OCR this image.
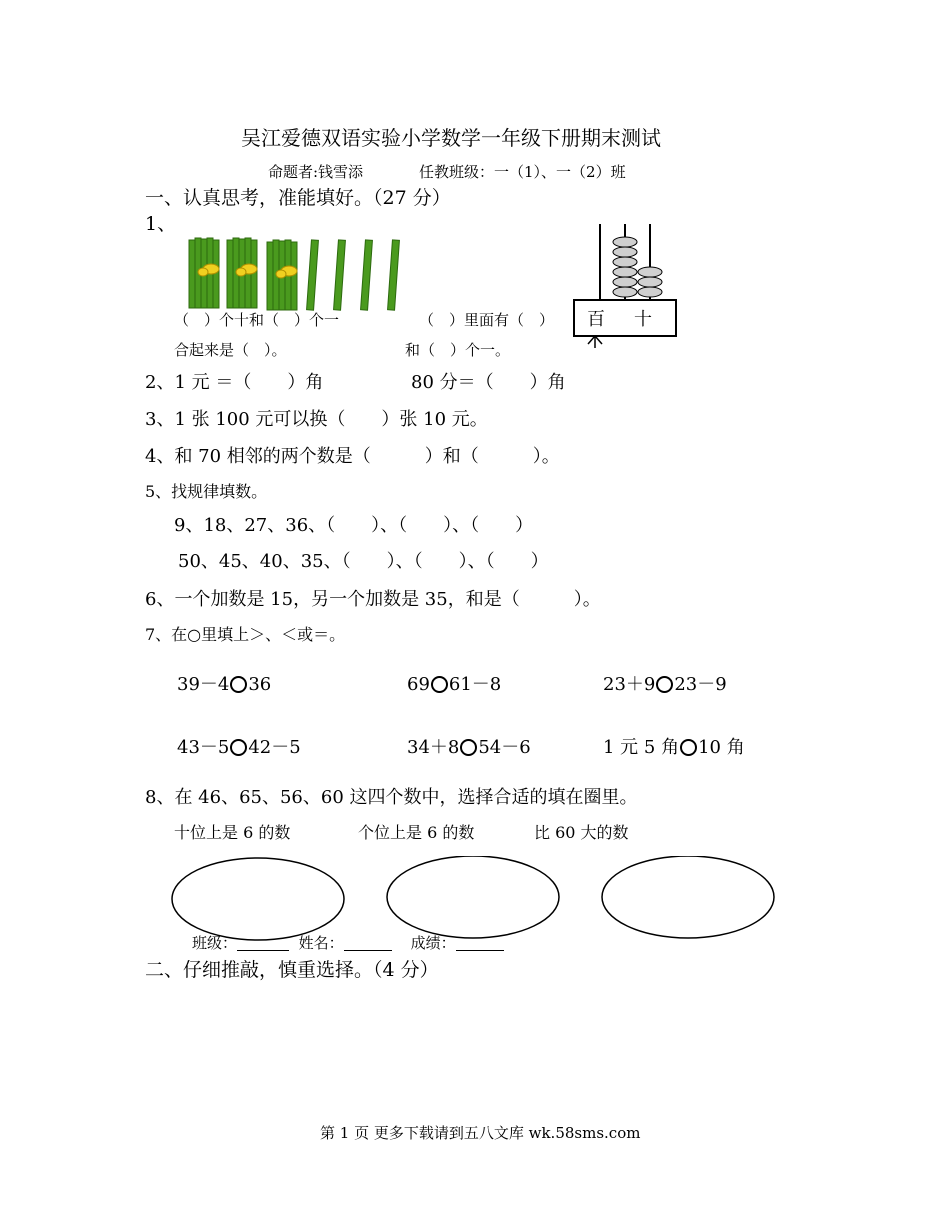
吴江爱德双语实验小学数学一年级下册期末测试
命题者:钱雪添	任教班级：一（1）、一（2）班
一、认真思考，准能填好。（27 分）
1、
（　）个十和（　）个一
合起来是（　）。
百 十
（　）里面有（　）
和（　）个一。
2、1 元 ＝（　　）角	80 分＝（　　）角
3、1 张 100 元可以换（　　）张 10 元。
4、和 70 相邻的两个数是（　　　）和（　　　）。
5、找规律填数。
9、18、27、36、（　　）、（　　）、（　　）
50、45、40、35、（　　）、（　　）、（　　）
6、一个加数是 15，另一个加数是 35，和是（　　　）。
7、在○里填上＞、＜或＝。
39－4 36	69 61－8	23＋9 23－9
43－5 42－5	34＋8 54－6	1 元 5 角 10 角
8、在 46、65、56、60 这四个数中，选择合适的填在圈里。
十位上是 6 的数	个位上是 6 的数	比 60 大的数
班级：	姓名：	成绩：
二、仔细推敲，慎重选择。（4 分）
第 1 页 更多下载请到五八文库 wk.58sms.com
